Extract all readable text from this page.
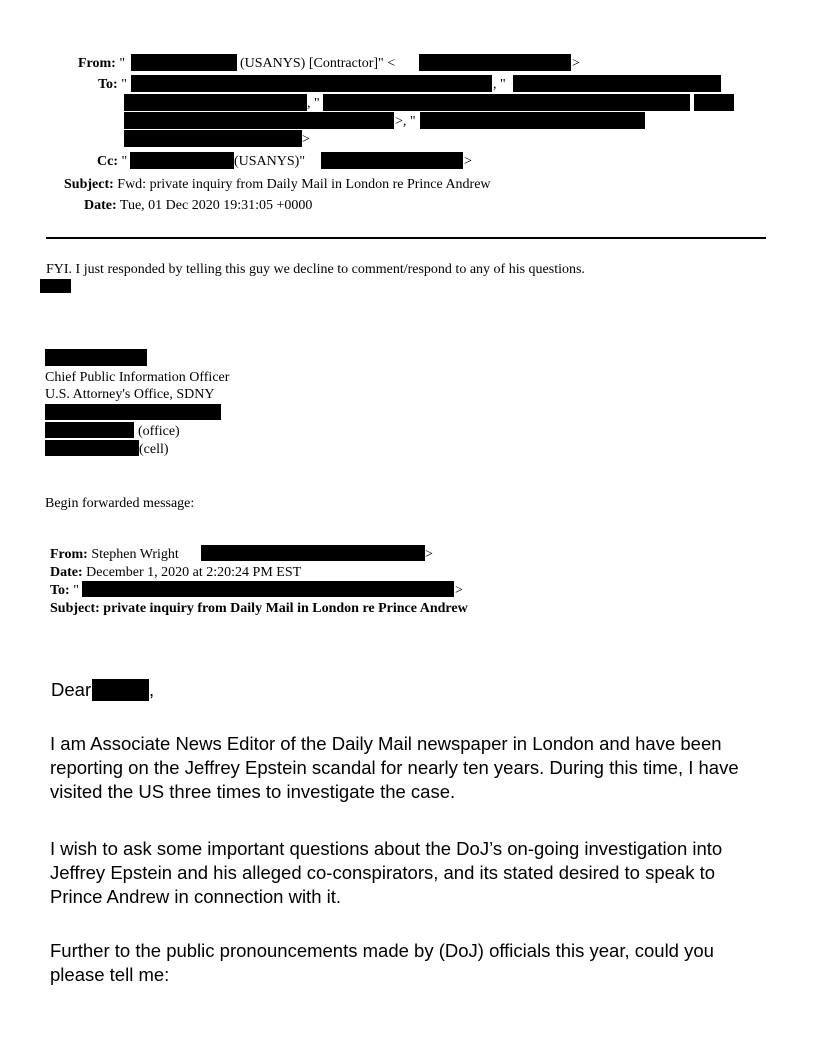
From: "	(USANYS) [Contractor]" <	>
To: "	, "
, "
>, "
>
Cc: "	(USANYS)"	>
Subject: Fwd: private inquiry from Daily Mail in London re Prince Andrew
Date: Tue, 01 Dec 2020 19:31:05 +0000
FYI. I just responded by telling this guy we decline to comment/respond to any of his questions.
Chief Public Information Officer
U.S. Attorney's Office, SDNY
(office)
(cell)
Begin forwarded message:
From: Stephen Wright	>
Date: December 1, 2020 at 2:20:24 PM EST
To: "	>
Subject: private inquiry from Daily Mail in London re Prince Andrew
Dear	,
I am Associate News Editor of the Daily Mail newspaper in London and have been reporting on the Jeffrey Epstein scandal for nearly ten years. During this time, I have visited the US three times to investigate the case.
I wish to ask some important questions about the DoJ’s on-going investigation into Jeffrey Epstein and his alleged co-conspirators, and its stated desired to speak to Prince Andrew in connection with it.
Further to the public pronouncements made by (DoJ) officials this year, could you please tell me:
